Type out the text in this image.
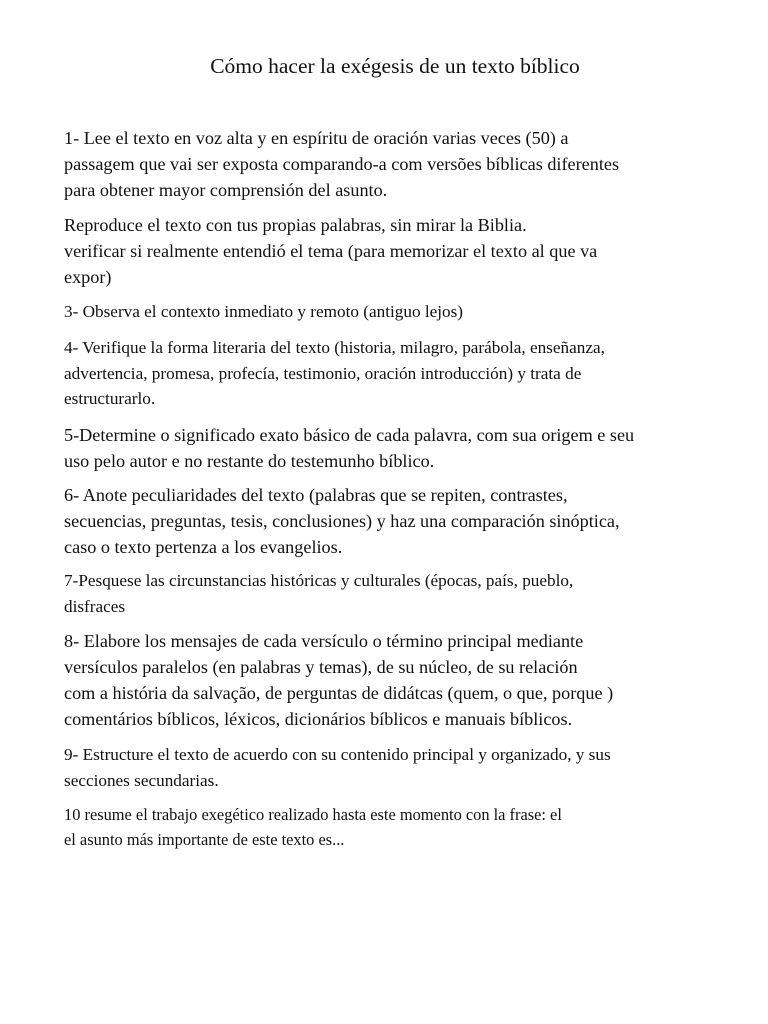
Cómo hacer la exégesis de un texto bíblico

1- Lee el texto en voz alta y en espíritu de oración varias veces (50) a
passagem que vai ser exposta comparando-a com versões bíblicas diferentes
para obtener mayor comprensión del asunto.

Reproduce el texto con tus propias palabras, sin mirar la Biblia.
verificar si realmente entendió el tema (para memorizar el texto al que va
expor)

3- Observa el contexto inmediato y remoto (antiguo lejos)

4- Verifique la forma literaria del texto (historia, milagro, parábola, enseñanza,
advertencia, promesa, profecía, testimonio, oración introducción) y trata de
estructurarlo.

5-Determine o significado exato básico de cada palavra, com sua origem e seu
uso pelo autor e no restante do testemunho bíblico.

6- Anote peculiaridades del texto (palabras que se repiten, contrastes,
secuencias, preguntas, tesis, conclusiones) y haz una comparación sinóptica,
caso o texto pertenza a los evangelios.

7-Pesquese las circunstancias históricas y culturales (épocas, país, pueblo,
disfraces

8- Elabore los mensajes de cada versículo o término principal mediante
versículos paralelos (en palabras y temas), de su núcleo, de su relación
com a história da salvação, de perguntas de didátcas (quem, o que, porque )
comentários bíblicos, léxicos, dicionários bíblicos e manuais bíblicos.

9- Estructure el texto de acuerdo con su contenido principal y organizado, y sus
secciones secundarias.

10 resume el trabajo exegético realizado hasta este momento con la frase: el
el asunto más importante de este texto es...
